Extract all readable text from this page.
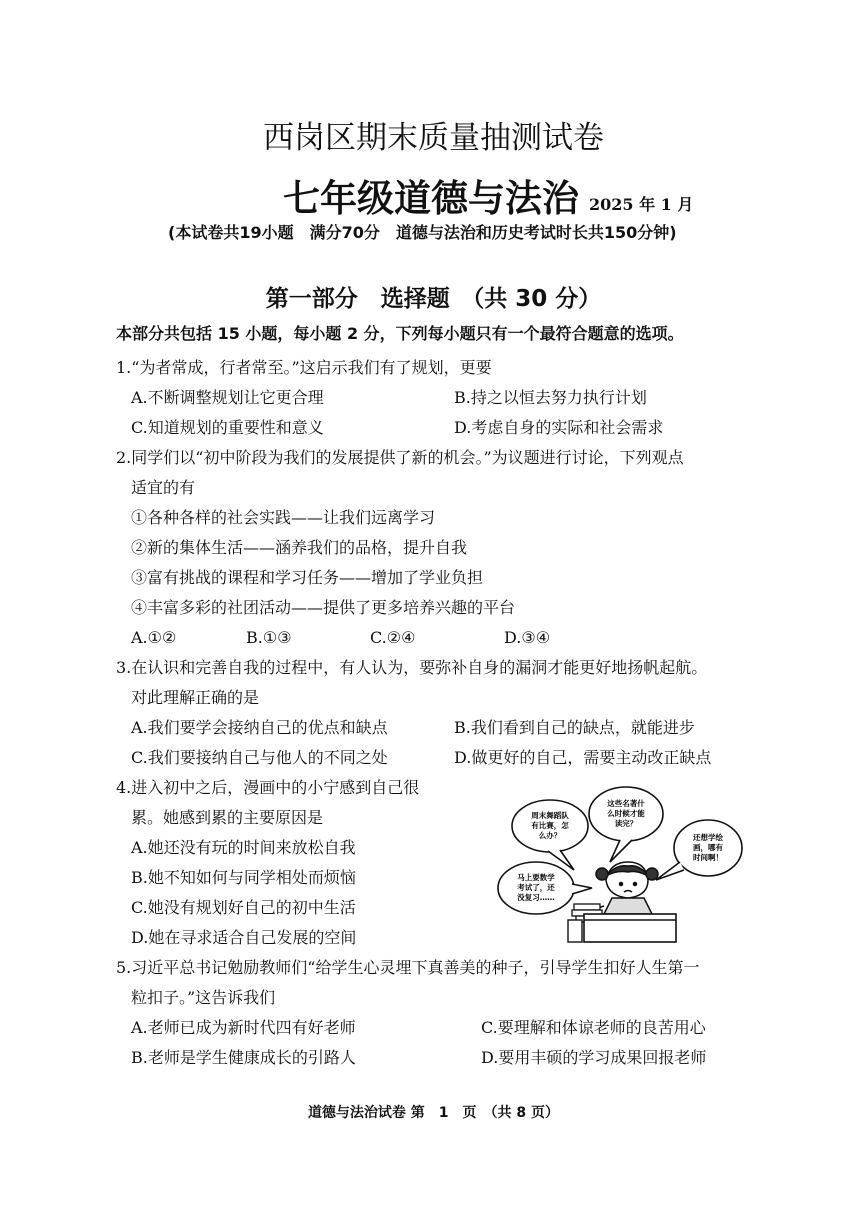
西岗区期末质量抽测试卷
七年级道德与法治 2025 年 1 月
(本试卷共19小题　满分70分　道德与法治和历史考试时长共150分钟)
第一部分　选择题　（共 30 分）
本部分共包括 15 小题，每小题 2 分，下列每小题只有一个最符合题意的选项。
1.“为者常成，行者常至。”这启示我们有了规划，更要
A.不断调整规划让它更合理	B.持之以恒去努力执行计划
C.知道规划的重要性和意义	D.考虑自身的实际和社会需求
2.同学们以“初中阶段为我们的发展提供了新的机会。”为议题进行讨论，下列观点
适宜的有
①各种各样的社会实践——让我们远离学习
②新的集体生活——涵养我们的品格，提升自我
③富有挑战的课程和学习任务——增加了学业负担
④丰富多彩的社团活动——提供了更多培养兴趣的平台
A.①②	B.①③	C.②④	D.③④
3.在认识和完善自我的过程中，有人认为，要弥补自身的漏洞才能更好地扬帆起航。
对此理解正确的是
A.我们要学会接纳自己的优点和缺点	B.我们看到自己的缺点，就能进步
C.我们要接纳自己与他人的不同之处	D.做更好的自己，需要主动改正缺点
4.进入初中之后，漫画中的小宁感到自己很
累。她感到累的主要原因是
A.她还没有玩的时间来放松自我
B.她不知如何与同学相处而烦恼
C.她没有规划好自己的初中生活
D.她在寻求适合自己发展的空间
周末舞蹈队
有比赛，怎
么办？
这些名著什
么时候才能
读完？
还想学绘
画，哪有
时间啊！
马上要数学
考试了，还
没复习……
5.习近平总书记勉励教师们“给学生心灵埋下真善美的种子，引导学生扣好人生第一
粒扣子。”这告诉我们
A.老师已成为新时代四有好老师	C.要理解和体谅老师的良苦用心
B.老师是学生健康成长的引路人	D.要用丰硕的学习成果回报老师
道德与法治试卷 第　1　页　（共 8 页）
